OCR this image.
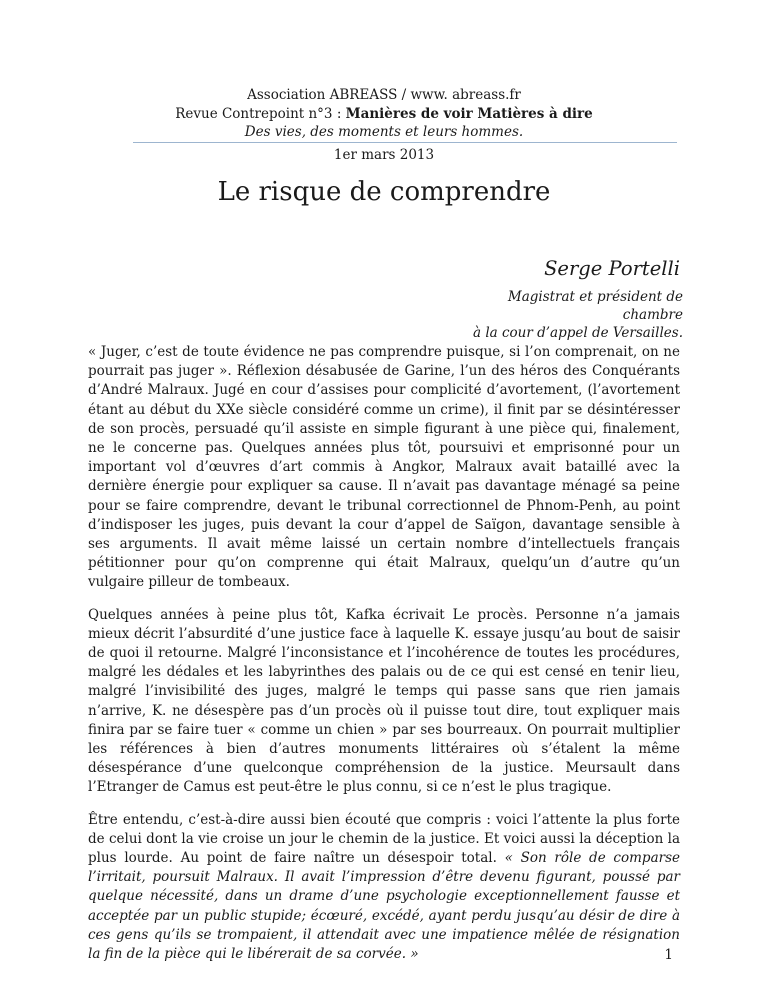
Association ABREASS / www. abreass.fr

Revue Contrepoint n°3 : Manières de voir Matières à dire

Des vies, des moments et leurs hommes.

1er mars 2013
Le risque de comprendre
Serge Portelli
Magistrat et président de chambre
à la cour d’appel de Versailles.

« Juger, c’est de toute évidence ne pas comprendre puisque, si l’on comprenait, on ne pourrait pas juger ». Réflexion désabusée de Garine, l’un des héros des Conquérants d’André Malraux. Jugé en cour d’assises pour complicité d’avortement, (l’avortement étant au début du XXe siècle considéré comme un crime), il finit par se désintéresser de son procès, persuadé qu’il assiste en simple figurant à une pièce qui, finalement, ne le concerne pas. Quelques années plus tôt, poursuivi et emprisonné pour un important vol d’œuvres d’art commis à Angkor, Malraux avait bataillé avec la dernière énergie pour expliquer sa cause. Il n’avait pas davantage ménagé sa peine pour se faire comprendre, devant le tribunal correctionnel de Phnom-Penh, au point d’indisposer les juges, puis devant la cour d’appel de Saïgon, davantage sensible à ses arguments. Il avait même laissé un certain nombre d’intellectuels français pétitionner pour qu’on comprenne qui était Malraux, quelqu’un d’autre qu’un vulgaire pilleur de tombeaux.

Quelques années à peine plus tôt, Kafka écrivait Le procès. Personne n’a jamais mieux décrit l’absurdité d’une justice face à laquelle K. essaye jusqu’au bout de saisir de quoi il retourne. Malgré l’inconsistance et l’incohérence de toutes les procédures, malgré les dédales et les labyrinthes des palais ou de ce qui est censé en tenir lieu, malgré l’invisibilité des juges, malgré le temps qui passe sans que rien jamais n’arrive, K. ne désespère pas d’un procès où il puisse tout dire, tout expliquer mais finira par se faire tuer « comme un chien » par ses bourreaux. On pourrait multiplier les références à bien d’autres monuments littéraires où s’étalent la même désespérance d’une quelconque compréhension de la justice. Meursault dans l’Etranger de Camus est peut-être le plus connu, si ce n’est le plus tragique.

Être entendu, c’est-à-dire aussi bien écouté que compris : voici l’attente la plus forte de celui dont la vie croise un jour le chemin de la justice. Et voici aussi la déception la plus lourde. Au point de faire naître un désespoir total. « Son rôle de comparse l’irritait, poursuit Malraux. Il avait l’impression d’être devenu figurant, poussé par quelque nécessité, dans un drame d’une psychologie exceptionnellement fausse et acceptée par un public stupide; écœuré, excédé, ayant perdu jusqu’au désir de dire à ces gens qu’ils se trompaient, il attendait avec une impatience mêlée de résignation la fin de la pièce qui le libérerait de sa corvée. »	1
